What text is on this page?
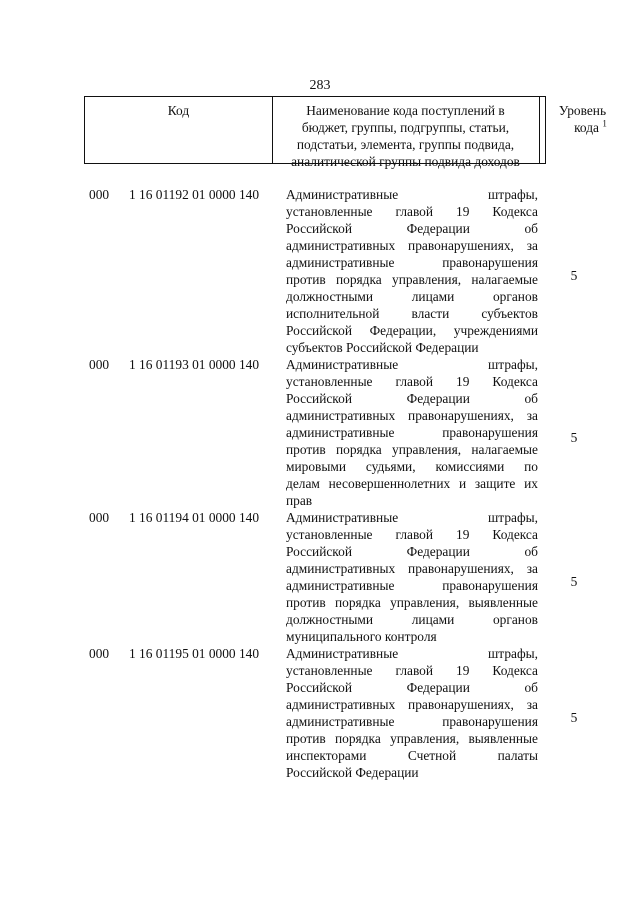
283
Код	Наименование кода поступлений в
бюджет, группы, подгруппы, статьи,
подстатьи, элемента, группы подвида,
аналитической группы подвида доходов
Уровень
кода $^1$
000 1 16 01192 01 0000 140 Административные штрафы,
установленные главой 19 Кодекса
Российской Федерации об
административных правонарушениях, за
административные правонарушения
против порядка управления, налагаемые
должностными лицами органов
исполнительной власти субъектов
Российской Федерации, учреждениями
субъектов Российской Федерации
5
000 1 16 01193 01 0000 140 Административные штрафы,
установленные главой 19 Кодекса
Российской Федерации об
административных правонарушениях, за
административные правонарушения
против порядка управления, налагаемые
мировыми судьями, комиссиями по
делам несовершеннолетних и защите их
прав
5
000 1 16 01194 01 0000 140 Административные штрафы,
установленные главой 19 Кодекса
Российской Федерации об
административных правонарушениях, за
административные правонарушения
против порядка управления, выявленные
должностными лицами органов
муниципального контроля
5
000 1 16 01195 01 0000 140 Административные штрафы,
установленные главой 19 Кодекса
Российской Федерации об
административных правонарушениях, за
административные правонарушения
против порядка управления, выявленные
инспекторами Счетной палаты
Российской Федерации
5
